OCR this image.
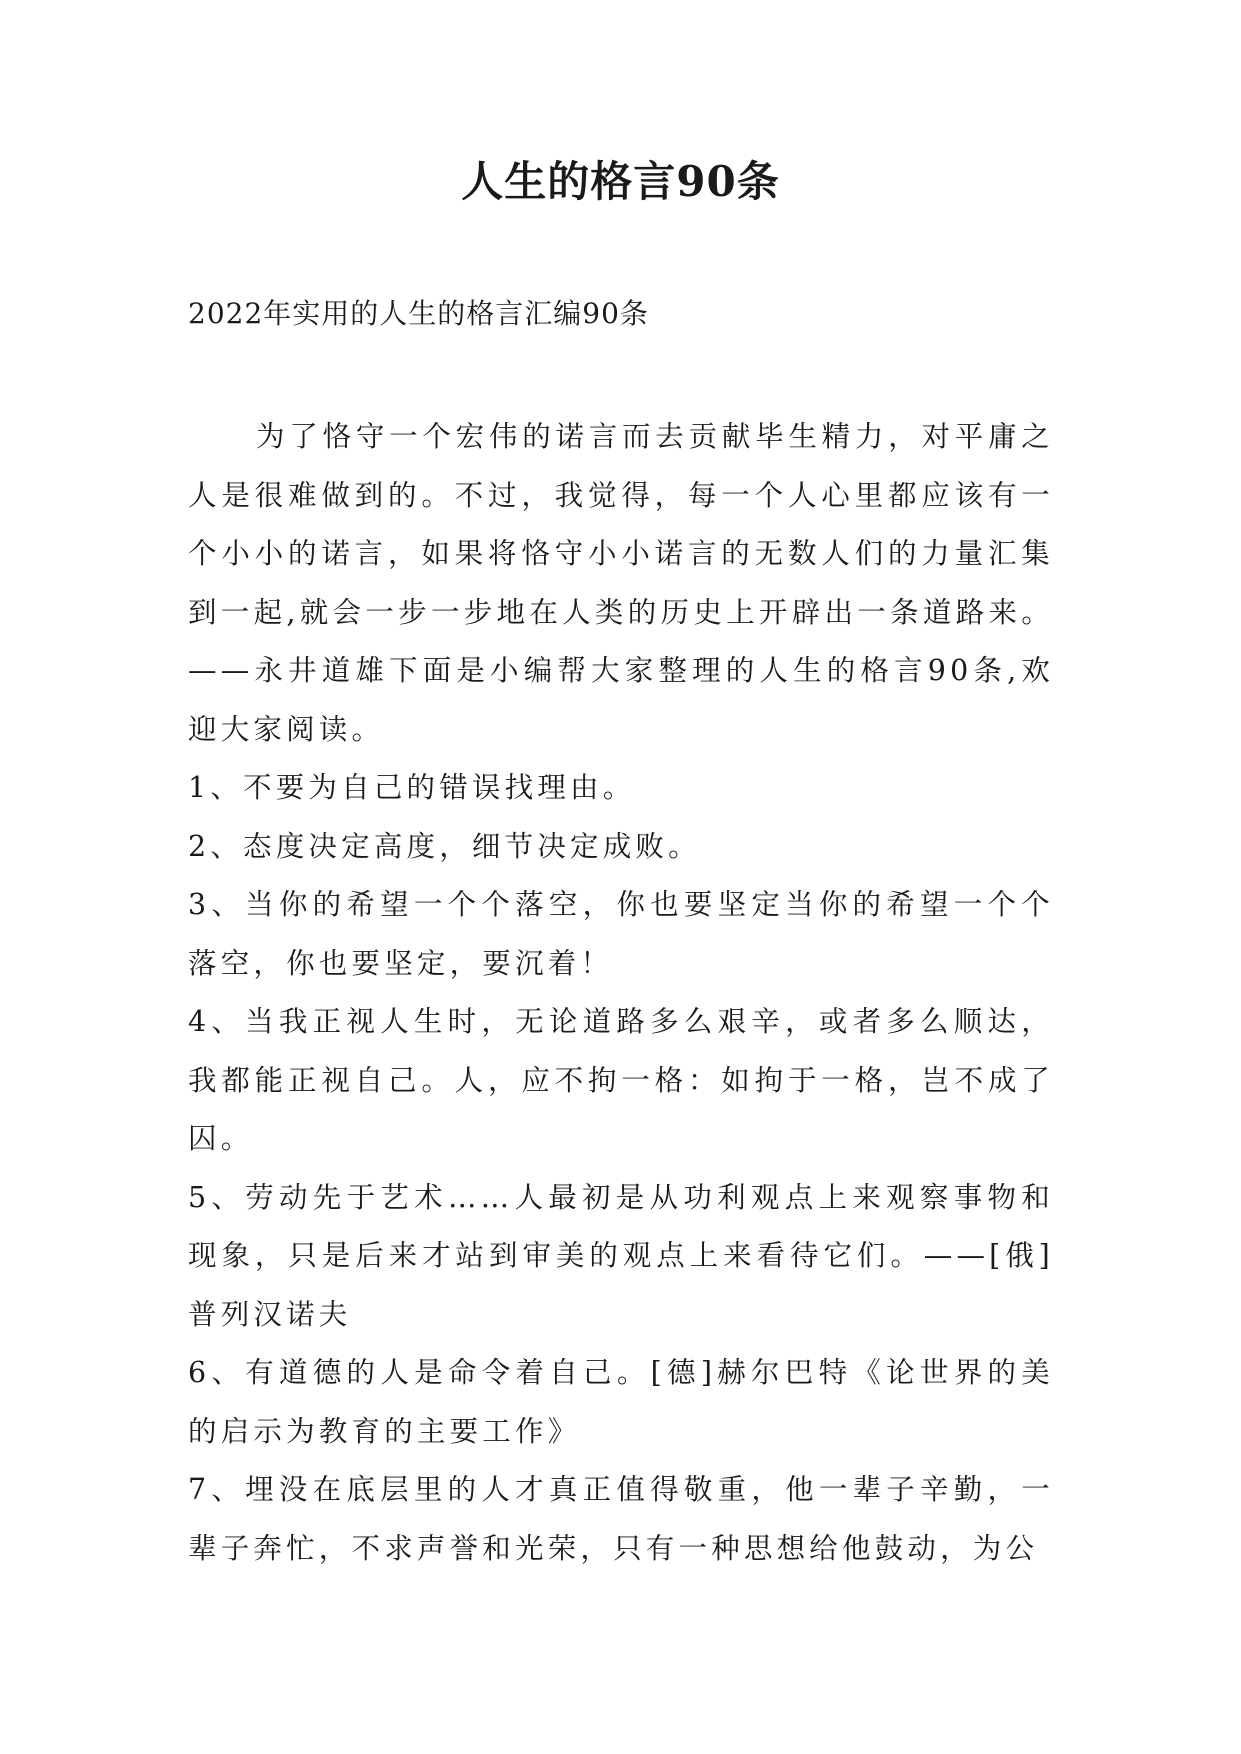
人生的格言90条

2022年实用的人生的格言汇编90条

为了恪守一个宏伟的诺言而去贡献毕生精力，对平庸之人是很难做到的。不过，我觉得，每一个人心里都应该有一个小小的诺言，如果将恪守小小诺言的无数人们的力量汇集到一起,就会一步一步地在人类的历史上开辟出一条道路来。——永井道雄下面是小编帮大家整理的人生的格言90条,欢迎大家阅读。

1、不要为自己的错误找理由。

2、态度决定高度，细节决定成败。

3、当你的希望一个个落空，你也要坚定当你的希望一个个落空，你也要坚定，要沉着！

4、当我正视人生时，无论道路多么艰辛，或者多么顺达，我都能正视自己。人，应不拘一格：如拘于一格，岂不成了囚。

5、劳动先于艺术……人最初是从功利观点上来观察事物和现象，只是后来才站到审美的观点上来看待它们。——[俄]普列汉诺夫

6、有道德的人是命令着自己。[德]赫尔巴特《论世界的美的启示为教育的主要工作》

7、埋没在底层里的人才真正值得敬重，他一辈子辛勤，一辈子奔忙，不求声誉和光荣，只有一种思想给他鼓动，为公
